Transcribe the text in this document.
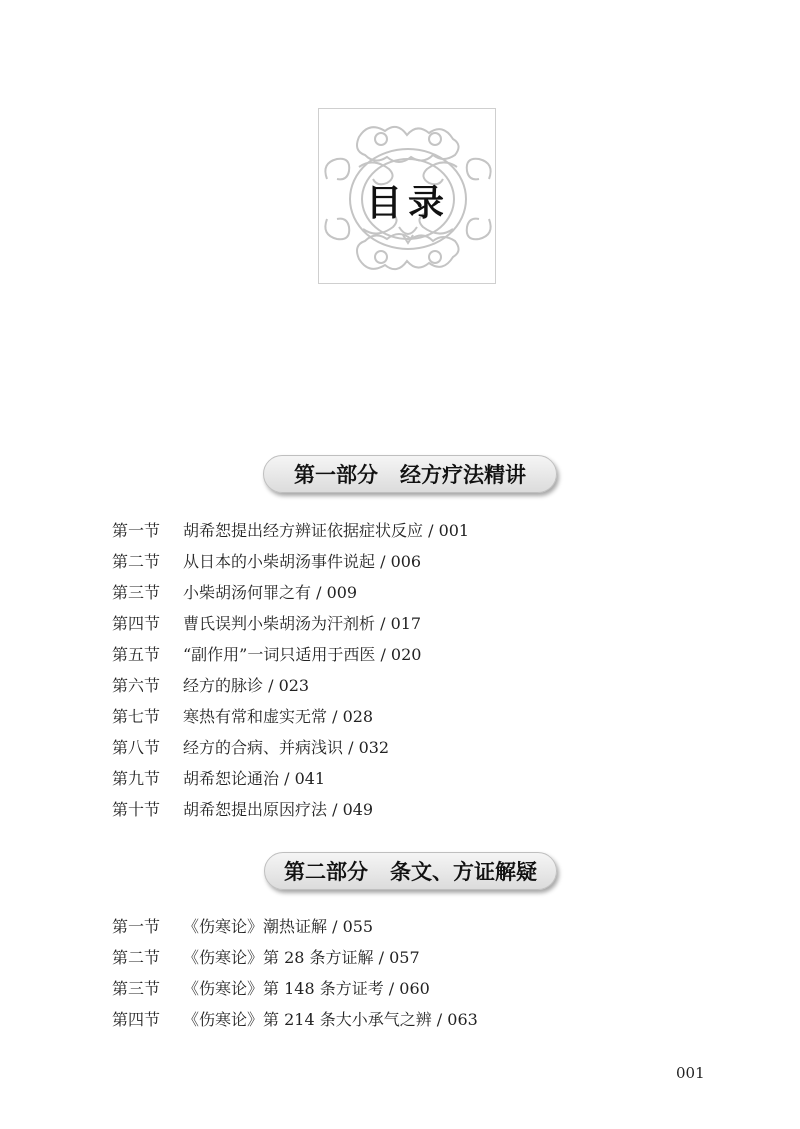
目录
第一部分 经方疗法精讲
第一节 胡希恕提出经方辨证依据症状反应 / 001
第二节 从日本的小柴胡汤事件说起 / 006
第三节 小柴胡汤何罪之有 / 009
第四节 曹氏误判小柴胡汤为汗剂析 / 017
第五节 “副作用”一词只适用于西医 / 020
第六节 经方的脉诊 / 023
第七节 寒热有常和虚实无常 / 028
第八节 经方的合病、并病浅识 / 032
第九节 胡希恕论通治 / 041
第十节 胡希恕提出原因疗法 / 049
第二部分 条文、方证解疑
第一节 《伤寒论》潮热证解 / 055
第二节 《伤寒论》第 28 条方证解 / 057
第三节 《伤寒论》第 148 条方证考 / 060
第四节 《伤寒论》第 214 条大小承气之辨 / 063
001
